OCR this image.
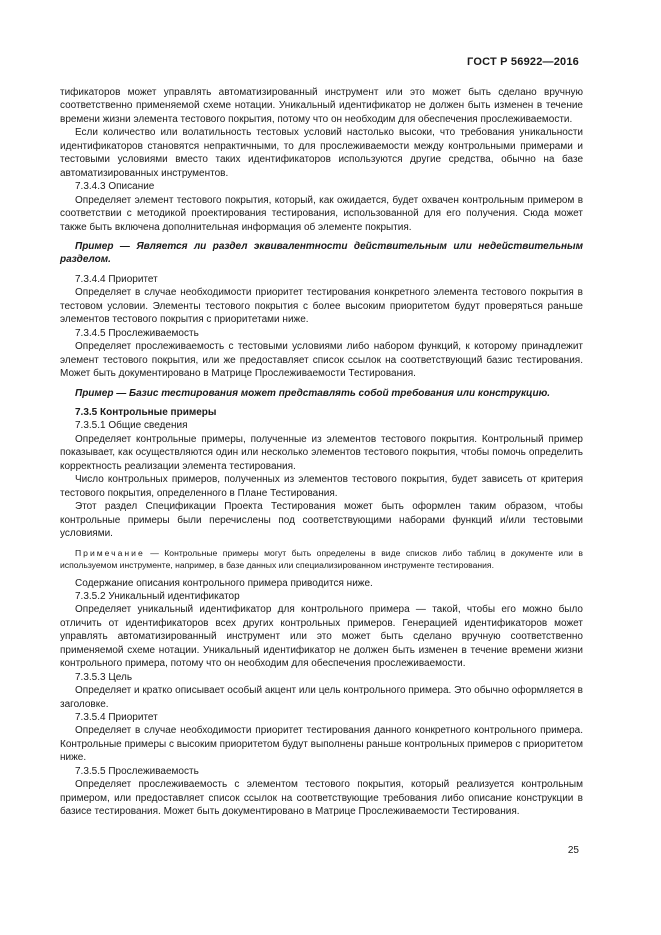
ГОСТ Р 56922—2016

тификаторов может управлять автоматизированный инструмент или это может быть сделано вручную соответственно применяемой схеме нотации. Уникальный идентификатор не должен быть изменен в течение времени жизни элемента тестового покрытия, потому что он необходим для обеспечения прослеживаемости.

Если количество или волатильность тестовых условий настолько высоки, что требования уникальности идентификаторов становятся непрактичными, то для прослеживаемости между контрольными примерами и тестовыми условиями вместо таких идентификаторов используются другие средства, обычно на базе автоматизированных инструментов.

7.3.4.3 Описание

Определяет элемент тестового покрытия, который, как ожидается, будет охвачен контрольным примером в соответствии с методикой проектирования тестирования, использованной для его получения. Сюда может также быть включена дополнительная информация об элементе покрытия.

Пример — Является ли раздел эквивалентности действительным или недействительным разделом.

7.3.4.4 Приоритет

Определяет в случае необходимости приоритет тестирования конкретного элемента тестового покрытия в тестовом условии. Элементы тестового покрытия с более высоким приоритетом будут проверяться раньше элементов тестового покрытия с приоритетами ниже.

7.3.4.5 Прослеживаемость

Определяет прослеживаемость с тестовыми условиями либо набором функций, к которому принадлежит элемент тестового покрытия, или же предоставляет список ссылок на соответствующий базис тестирования. Может быть документировано в Матрице Прослеживаемости Тестирования.

Пример — Базис тестирования может представлять собой требования или конструкцию.

7.3.5 Контрольные примеры

7.3.5.1 Общие сведения

Определяет контрольные примеры, полученные из элементов тестового покрытия. Контрольный пример показывает, как осуществляются один или несколько элементов тестового покрытия, чтобы помочь определить корректность реализации элемента тестирования.

Число контрольных примеров, полученных из элементов тестового покрытия, будет зависеть от критерия тестового покрытия, определенного в Плане Тестирования.

Этот раздел Спецификации Проекта Тестирования может быть оформлен таким образом, чтобы контрольные примеры были перечислены под соответствующими наборами функций и/или тестовыми условиями.

Примечание — Контрольные примеры могут быть определены в виде списков либо таблиц в документе или в используемом инструменте, например, в базе данных или специализированном инструменте тестирования.

Содержание описания контрольного примера приводится ниже.

7.3.5.2 Уникальный идентификатор

Определяет уникальный идентификатор для контрольного примера — такой, чтобы его можно было отличить от идентификаторов всех других контрольных примеров. Генерацией идентификаторов может управлять автоматизированный инструмент или это может быть сделано вручную соответственно применяемой схеме нотации. Уникальный идентификатор не должен быть изменен в течение времени жизни контрольного примера, потому что он необходим для обеспечения прослеживаемости.

7.3.5.3 Цель

Определяет и кратко описывает особый акцент или цель контрольного примера. Это обычно оформляется в заголовке.

7.3.5.4 Приоритет

Определяет в случае необходимости приоритет тестирования данного конкретного контрольного примера. Контрольные примеры с высоким приоритетом будут выполнены раньше контрольных примеров с приоритетом ниже.

7.3.5.5 Прослеживаемость

Определяет прослеживаемость с элементом тестового покрытия, который реализуется контрольным примером, или предоставляет список ссылок на соответствующие требования либо описание конструкции в базисе тестирования. Может быть документировано в Матрице Прослеживаемости Тестирования.

25
